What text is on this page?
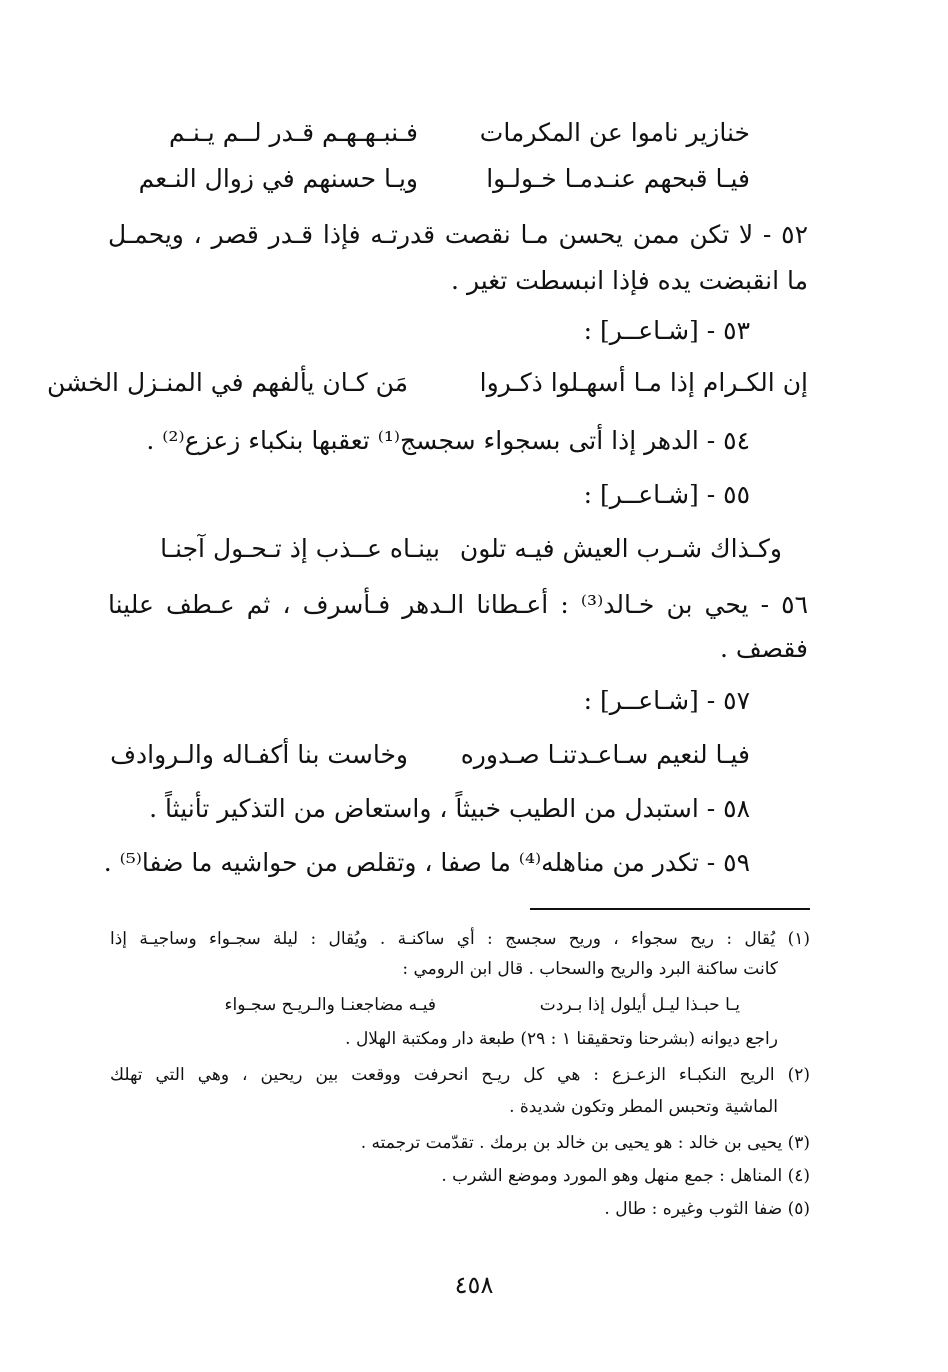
خنازير ناموا عن المكرمات
فـنبـهـهـم قـدر لــم يـنـم
فيـا قبحهم عنـدمـا خـولـوا
ويـا حسنهم في زوال النـعم
٥٢ - لا تكن ممن يحسن مـا نقصت قدرتـه فإذا قـدر قصر ، ويحمـل
ما انقبضت يده فإذا انبسطت تغير .
٥٣ - [شـاعــر] :
إن الكـرام إذا مـا أسهـلوا ذكـروا
مَن كـان يألفهم في المنـزل الخشن
٥٤ - الدهر إذا أتى بسجواء سجسج⁽¹⁾ تعقبها بنكباء زعزع⁽²⁾ .
٥٥ - [شـاعــر] :
وكـذاك شـرب العيش فيـه تلون
بينـاه عــذب إذ تـحـول آجنـا
٥٦ - يحي بن خـالد⁽³⁾ : أعـطانا الـدهر فـأسرف ، ثم عـطف علينا
فقصف .
٥٧ - [شـاعــر] :
فيـا لنعيم سـاعـدتنـا صـدوره
وخاست بنا أكفـاله والـروادف
٥٨ - استبدل من الطيب خبيثاً ، واستعاض من التذكير تأنيثاً .
٥٩ - تكدر من مناهله⁽⁴⁾ ما صفا ، وتقلص من حواشيه ما ضفا⁽⁵⁾ .
(١) يُقال : ريح سجواء ، وريح سجسج : أي ساكنـة . ويُقال : ليلة سجـواء وساجيـة إذا
كانت ساكنة البرد والريح والسحاب . قال ابن الرومي :
يـا حبـذا ليـل أيلول إذا بـردت
فيـه مضاجعنـا والـريـح سجـواء
راجع ديوانه (بشرحنا وتحقيقنا ١ : ٢٩) طبعة دار ومكتبة الهلال .
(٢) الريح النكبـاء الزعـزع : هي كل ريـح انحرفت ووقعت بين ريحين ، وهي التي تهلك
الماشية وتحبس المطر وتكون شديدة .
(٣) يحيى بن خالد : هو يحيى بن خالد بن برمك . تقدّمت ترجمته .
(٤) المناهل : جمع منهل وهو المورد وموضع الشرب .
(٥) ضفا الثوب وغيره : طال .
٤٥٨
